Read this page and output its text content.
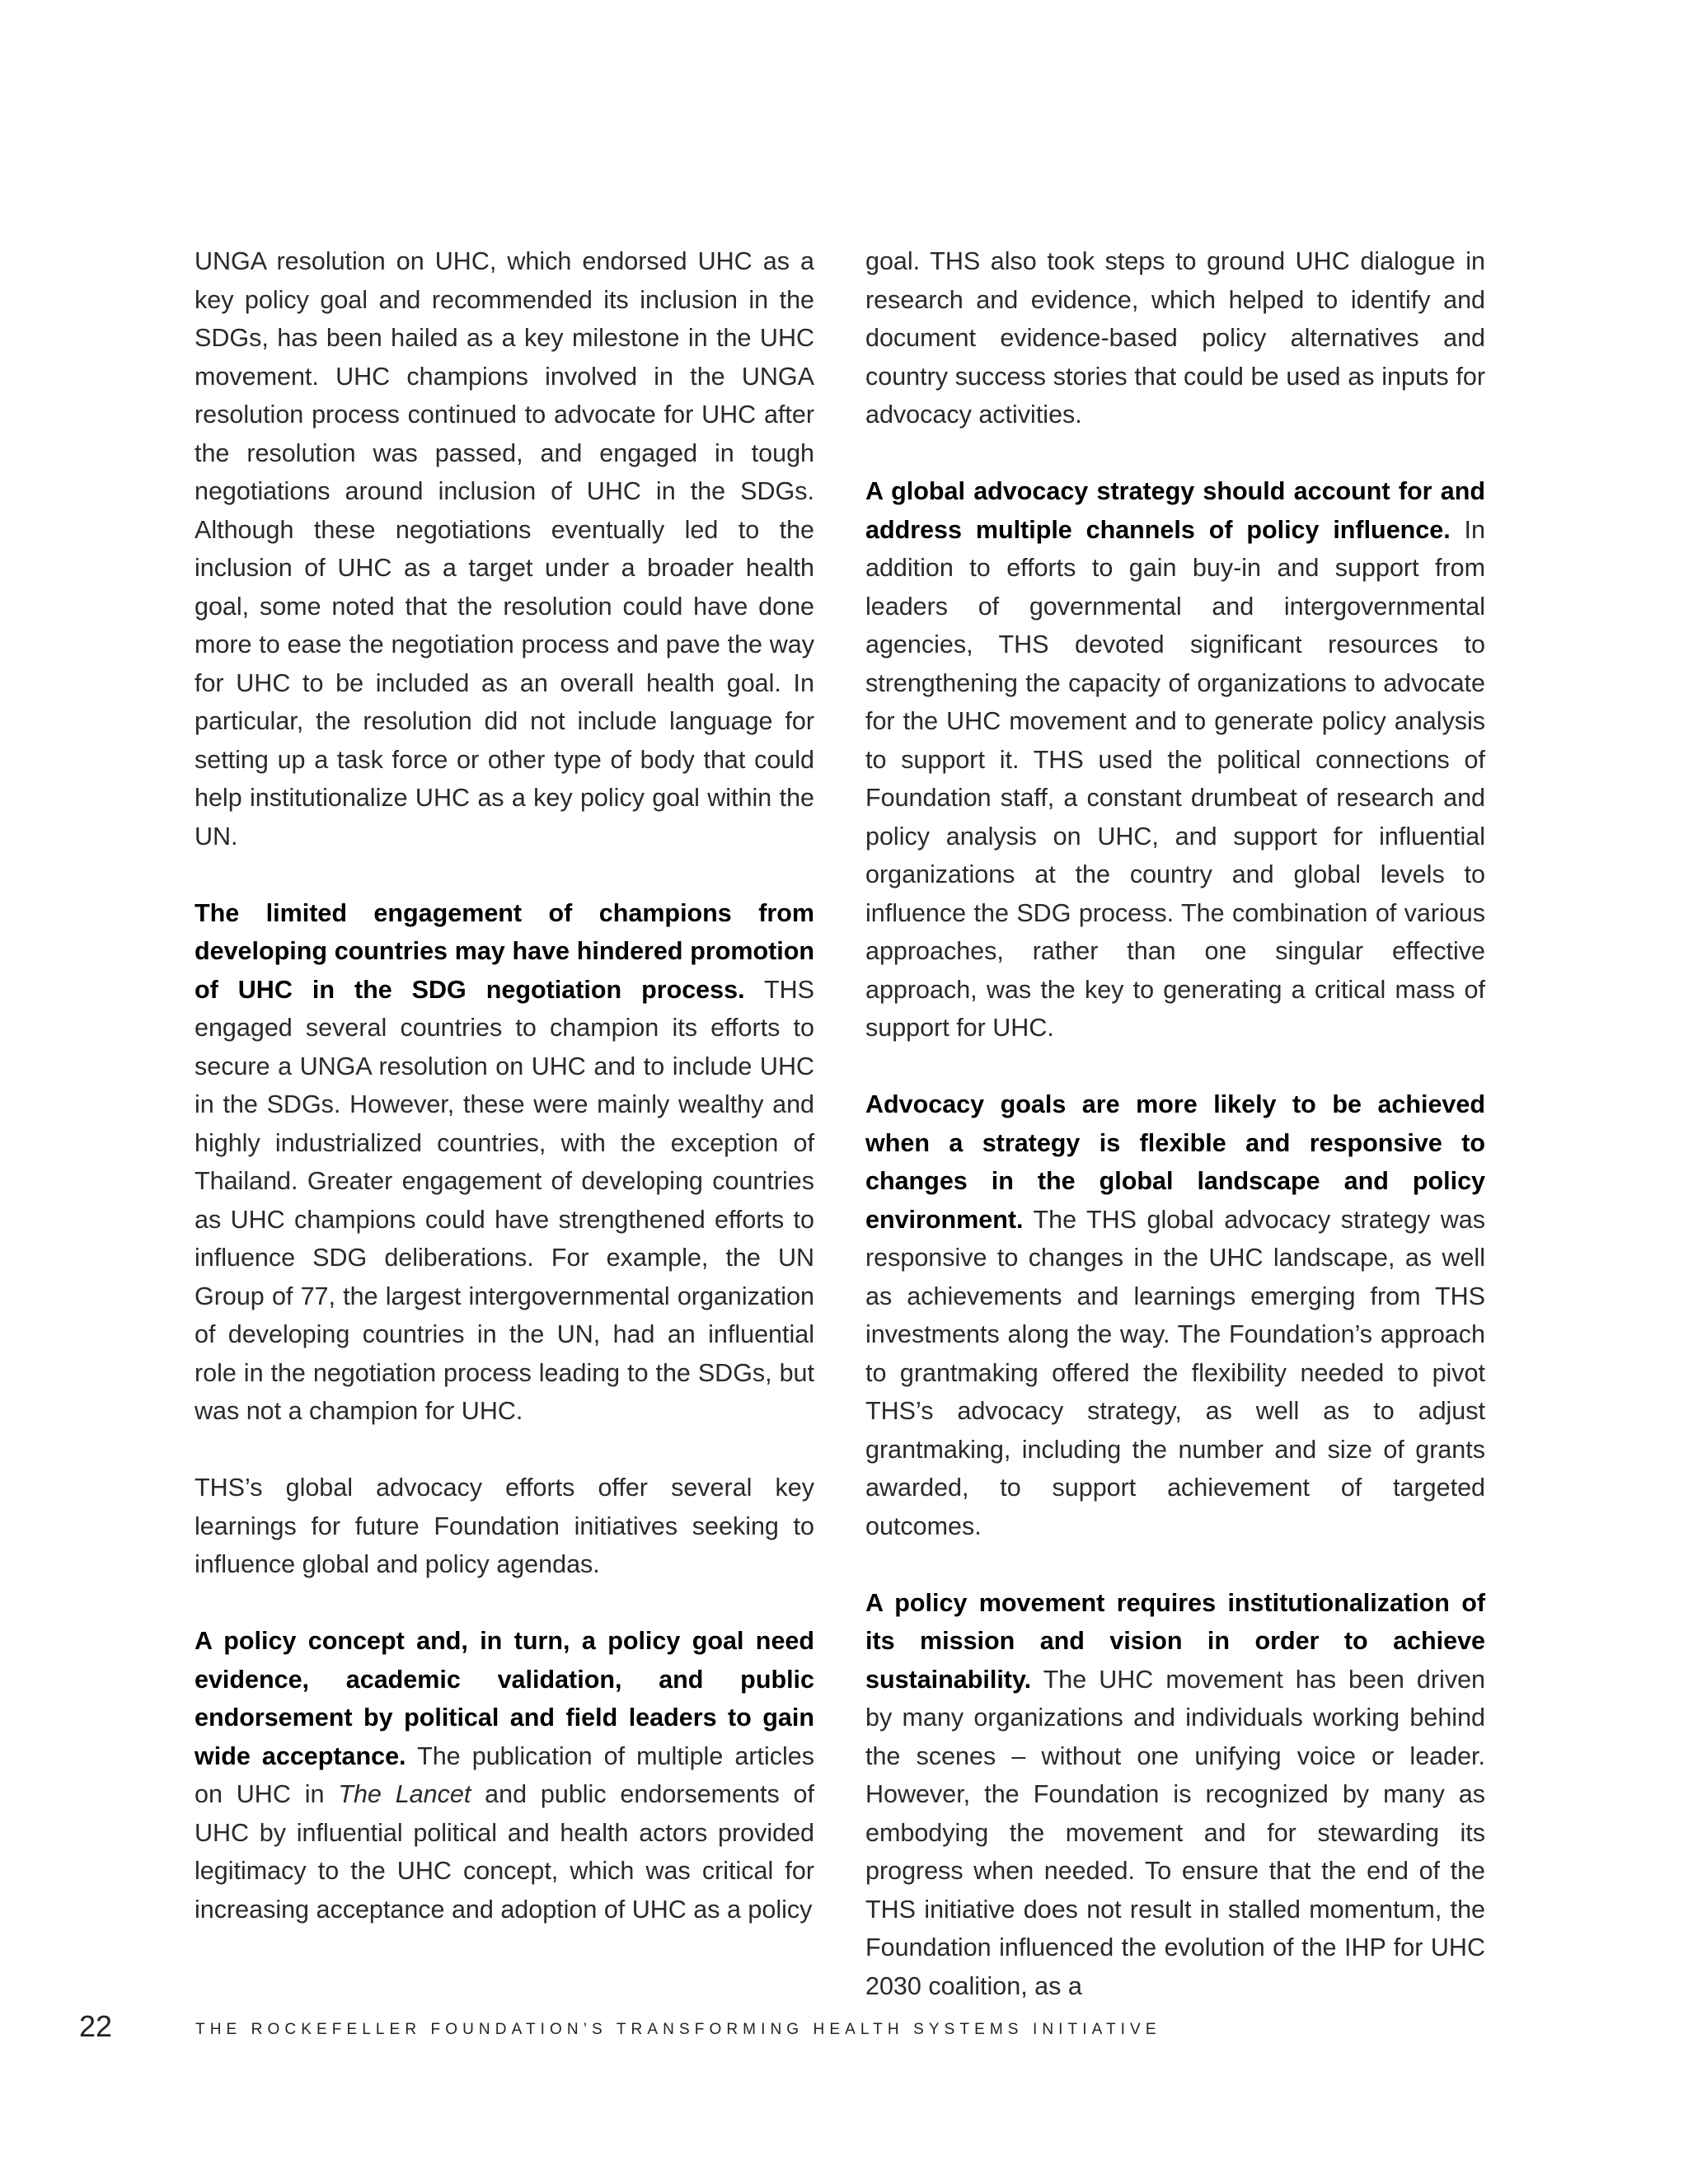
UNGA resolution on UHC, which endorsed UHC as a key policy goal and recommended its inclusion in the SDGs, has been hailed as a key milestone in the UHC movement. UHC champions involved in the UNGA resolution process continued to advocate for UHC after the resolution was passed, and engaged in tough negotiations around inclusion of UHC in the SDGs. Although these negotiations eventually led to the inclusion of UHC as a target under a broader health goal, some noted that the resolution could have done more to ease the negotiation process and pave the way for UHC to be included as an overall health goal. In particular, the resolution did not include language for setting up a task force or other type of body that could help institutionalize UHC as a key policy goal within the UN.

The limited engagement of champions from developing countries may have hindered promotion of UHC in the SDG negotiation process. THS engaged several countries to champion its efforts to secure a UNGA resolution on UHC and to include UHC in the SDGs. However, these were mainly wealthy and highly industrialized countries, with the exception of Thailand. Greater engagement of developing countries as UHC champions could have strengthened efforts to influence SDG deliberations. For example, the UN Group of 77, the largest intergovernmental organization of developing countries in the UN, had an influential role in the negotiation process leading to the SDGs, but was not a champion for UHC.

THS’s global advocacy efforts offer several key learnings for future Foundation initiatives seeking to influence global and policy agendas.

A policy concept and, in turn, a policy goal need evidence, academic validation, and public endorsement by political and field leaders to gain wide acceptance. The publication of multiple articles on UHC in The Lancet and public endorsements of UHC by influential political and health actors provided legitimacy to the UHC concept, which was critical for increasing acceptance and adoption of UHC as a policy

goal. THS also took steps to ground UHC dialogue in research and evidence, which helped to identify and document evidence-based policy alternatives and country success stories that could be used as inputs for advocacy activities.

A global advocacy strategy should account for and address multiple channels of policy influence. In addition to efforts to gain buy-in and support from leaders of governmental and intergovernmental agencies, THS devoted significant resources to strengthening the capacity of organizations to advocate for the UHC movement and to generate policy analysis to support it. THS used the political connections of Foundation staff, a constant drumbeat of research and policy analysis on UHC, and support for influential organizations at the country and global levels to influence the SDG process. The combination of various approaches, rather than one singular effective approach, was the key to generating a critical mass of support for UHC.

Advocacy goals are more likely to be achieved when a strategy is flexible and responsive to changes in the global landscape and policy environment. The THS global advocacy strategy was responsive to changes in the UHC landscape, as well as achievements and learnings emerging from THS investments along the way. The Foundation’s approach to grantmaking offered the flexibility needed to pivot THS’s advocacy strategy, as well as to adjust grantmaking, including the number and size of grants awarded, to support achievement of targeted outcomes.

A policy movement requires institutionalization of its mission and vision in order to achieve sustainability. The UHC movement has been driven by many organizations and individuals working behind the scenes – without one unifying voice or leader. However, the Foundation is recognized by many as embodying the movement and for stewarding its progress when needed. To ensure that the end of the THS initiative does not result in stalled momentum, the Foundation influenced the evolution of the IHP for UHC 2030 coalition, as a

22	THE ROCKEFELLER FOUNDATION’S TRANSFORMING HEALTH SYSTEMS INITIATIVE
